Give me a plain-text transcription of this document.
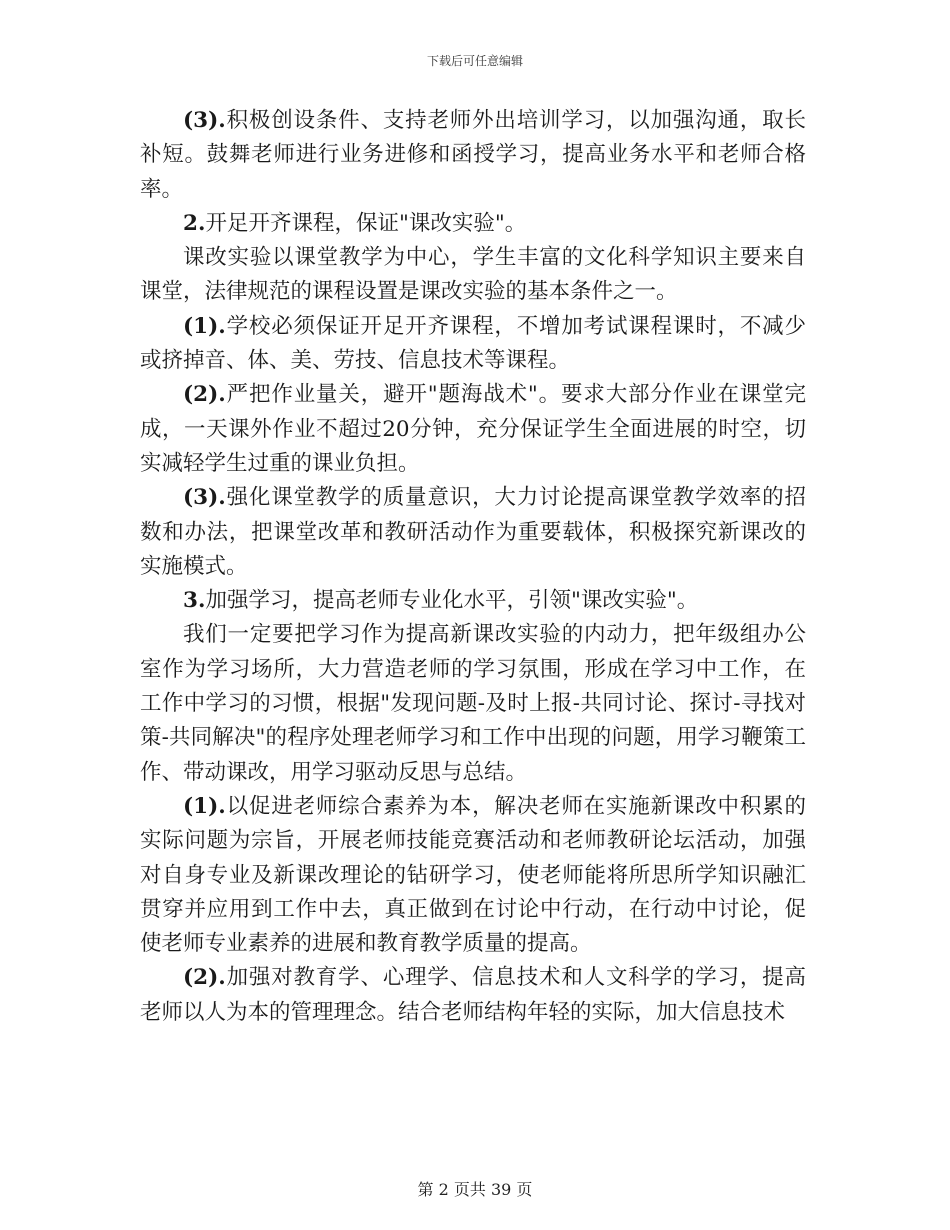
下载后可任意编辑

(3).积极创设条件、支持老师外出培训学习，以加强沟通，取长补短。鼓舞老师进行业务进修和函授学习，提高业务水平和老师合格率。

2.开足开齐课程，保证"课改实验"。

课改实验以课堂教学为中心，学生丰富的文化科学知识主要来自课堂，法律规范的课程设置是课改实验的基本条件之一。

(1).学校必须保证开足开齐课程，不增加考试课程课时，不减少或挤掉音、体、美、劳技、信息技术等课程。

(2).严把作业量关，避开"题海战术"。要求大部分作业在课堂完成，一天课外作业不超过20分钟，充分保证学生全面进展的时空，切实减轻学生过重的课业负担。

(3).强化课堂教学的质量意识，大力讨论提高课堂教学效率的招数和办法，把课堂改革和教研活动作为重要载体，积极探究新课改的实施模式。

3.加强学习，提高老师专业化水平，引领"课改实验"。

我们一定要把学习作为提高新课改实验的内动力，把年级组办公室作为学习场所，大力营造老师的学习氛围，形成在学习中工作，在工作中学习的习惯，根据"发现问题-及时上报-共同讨论、探讨-寻找对策-共同解决"的程序处理老师学习和工作中出现的问题，用学习鞭策工作、带动课改，用学习驱动反思与总结。

(1).以促进老师综合素养为本，解决老师在实施新课改中积累的实际问题为宗旨，开展老师技能竞赛活动和老师教研论坛活动，加强对自身专业及新课改理论的钻研学习，使老师能将所思所学知识融汇贯穿并应用到工作中去，真正做到在讨论中行动，在行动中讨论，促使老师专业素养的进展和教育教学质量的提高。

(2).加强对教育学、心理学、信息技术和人文科学的学习，提高老师以人为本的管理理念。结合老师结构年轻的实际，加大信息技术

第 2 页共 39 页
